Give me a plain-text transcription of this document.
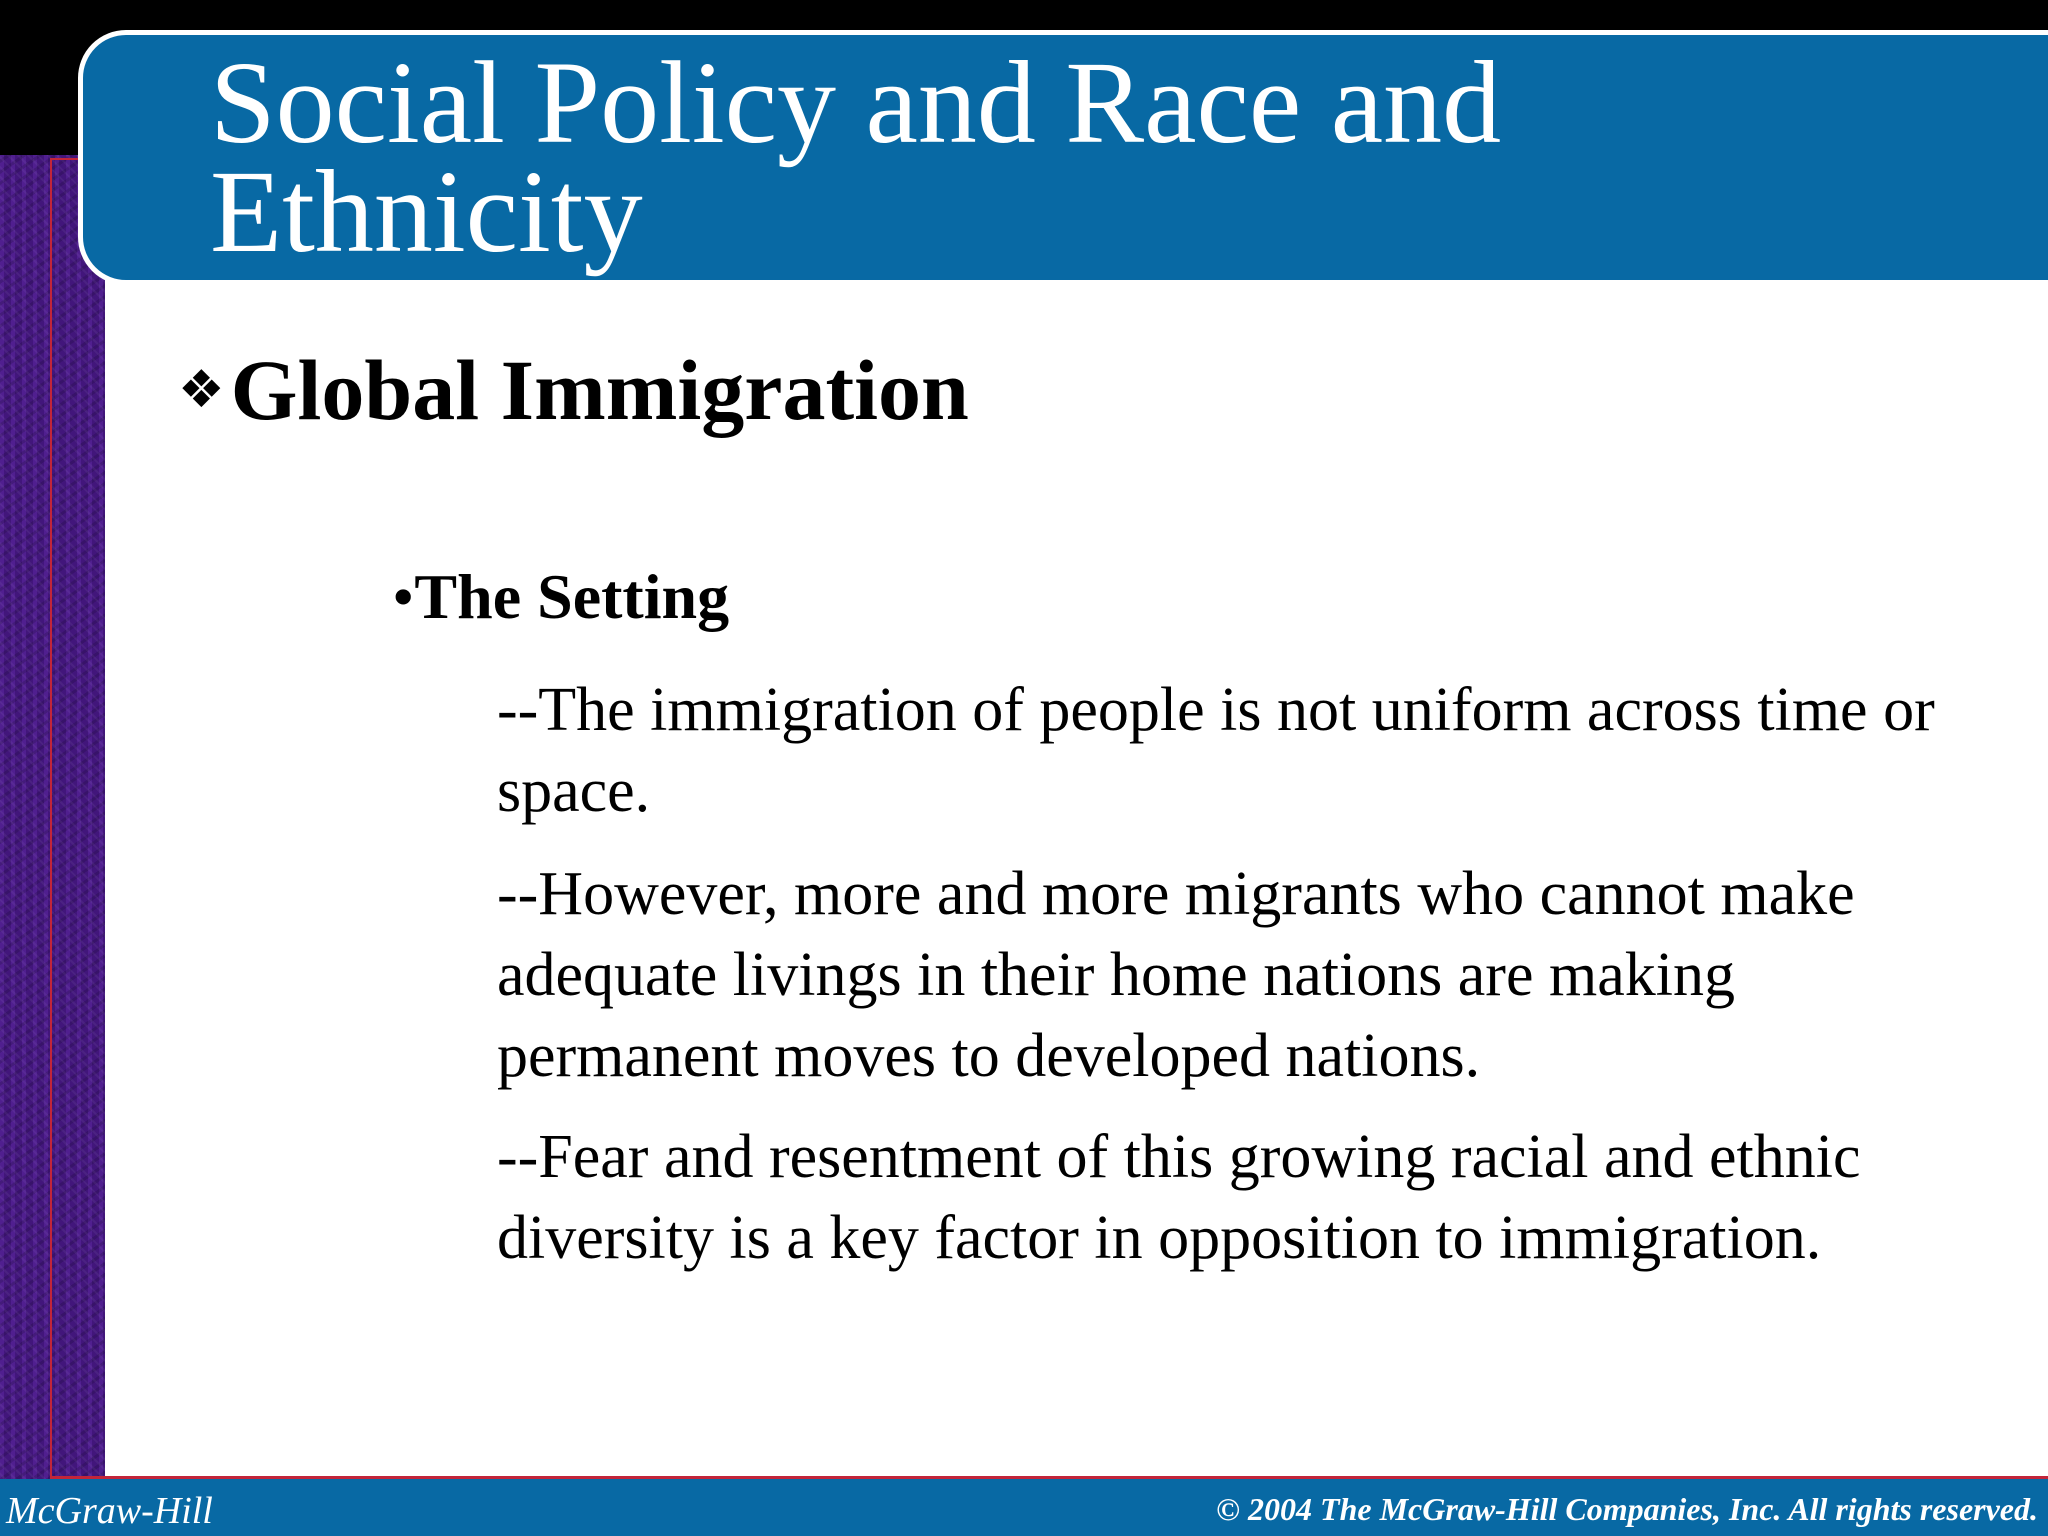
Social Policy and Race and
Ethnicity
❖ Global Immigration
• The Setting

--The immigration of people is not uniform across time or space.

--However, more and more migrants who cannot make adequate livings in their home nations are making permanent moves to developed nations.

--Fear and resentment of this growing racial and ethnic diversity is a key factor in opposition to immigration.

McGraw-Hill	© 2004 The McGraw-Hill Companies, Inc. All rights reserved.
